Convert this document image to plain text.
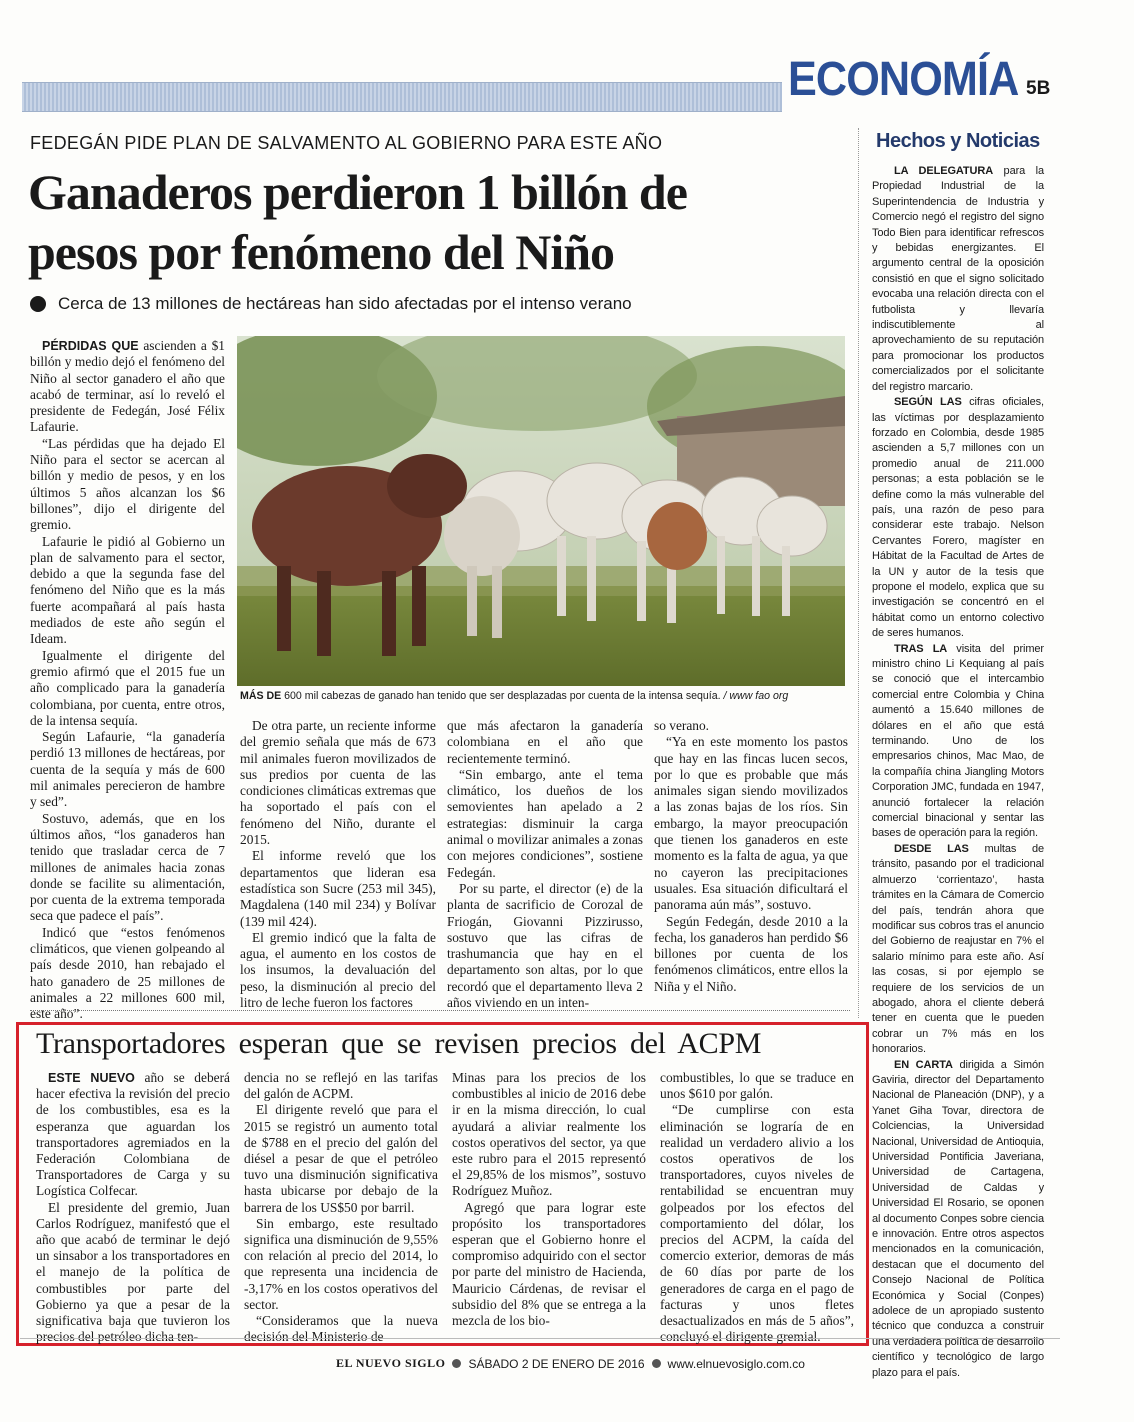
ECONOMÍA 5B
FEDEGÁN PIDE PLAN DE SALVAMENTO AL GOBIERNO PARA ESTE AÑO
Ganaderos perdieron 1 billón de
pesos por fenómeno del Niño
Cerca de 13 millones de hectáreas han sido afectadas por el intenso verano

PÉRDIDAS QUE ascienden a $1 billón y medio dejó el fenómeno del Niño al sector ganadero el año que acabó de terminar, así lo reveló el presidente de Fedegán, José Félix Lafaurie.

“Las pérdidas que ha dejado El Niño para el sector se acercan al billón y medio de pesos, y en los últimos 5 años alcanzan los $6 billones”, dijo el dirigente del gremio.

Lafaurie le pidió al Gobierno un plan de salvamento para el sector, debido a que la segunda fase del fenómeno del Niño que es la más fuerte acompañará al país hasta mediados de este año según el Ideam.

Igualmente el dirigente del gremio afirmó que el 2015 fue un año complicado para la ganadería colombiana, por cuenta, entre otros, de la intensa sequía.

Según Lafaurie, “la ganadería perdió 13 millones de hectáreas, por cuenta de la sequía y más de 600 mil animales perecieron de hambre y sed”.

Sostuvo, además, que en los últimos años, “los ganaderos han tenido que trasladar cerca de 7 millones de animales hacia zonas donde se facilite su alimentación, por cuenta de la extrema temporada seca que padece el país”.

Indicó que “estos fenómenos climáticos, que vienen golpeando al país desde 2010, han rebajado el hato ganadero de 25 millones de animales a 22 millones 600 mil, este año”.

De otra parte, un reciente informe del gremio señala que más de 673 mil animales fueron movilizados de sus predios por cuenta de las condiciones climáticas extremas que ha soportado el país con el fenómeno del Niño, durante el 2015.

El informe reveló que los departamentos que lideran esa estadística son Sucre (253 mil 345), Magdalena (140 mil 234) y Bolívar (139 mil 424).

El gremio indicó que la falta de agua, el aumento en los costos de los insumos, la devaluación del peso, la disminución al precio del litro de leche fueron los factores

que más afectaron la ganadería colombiana en el año que recientemente terminó.

“Sin embargo, ante el tema climático, los dueños de los semovientes han apelado a 2 estrategias: disminuir la carga animal o movilizar animales a zonas con mejores condiciones”, sostiene Fedegán.

Por su parte, el director (e) de la planta de sacrificio de Corozal de Friogán, Giovanni Pizzirusso, sostuvo que las cifras de trashumancia que hay en el departamento son altas, por lo que recordó que el departamento lleva 2 años viviendo en un inten-

so verano.

“Ya en este momento los pastos que hay en las fincas lucen secos, por lo que es probable que más animales sigan siendo movilizados a las zonas bajas de los ríos. Sin embargo, la mayor preocupación que tienen los ganaderos en este momento es la falta de agua, ya que no cayeron las precipitaciones usuales. Esa situación dificultará el panorama aún más”, sostuvo.

Según Fedegán, desde 2010 a la fecha, los ganaderos han perdido $6 billones por cuenta de los fenómenos climáticos, entre ellos la Niña y el Niño.

MÁS DE 600 mil cabezas de ganado han tenido que ser desplazadas por cuenta de la intensa sequía. / www fao org
Hechos y Noticias

LA DELEGATURA para la Propiedad Industrial de la Superintendencia de Industria y Comercio negó el registro del signo Todo Bien para identificar refrescos y bebidas energizantes. El argumento central de la oposición consistió en que el signo solicitado evocaba una relación directa con el futbolista y llevaría indiscutiblemente al aprovechamiento de su reputación para promocionar los productos comercializados por el solicitante del registro marcario.

SEGÚN LAS cifras oficiales, las víctimas por desplazamiento forzado en Colombia, desde 1985 ascienden a 5,7 millones con un promedio anual de 211.000 personas; a esta población se le define como la más vulnerable del país, una razón de peso para considerar este trabajo. Nelson Cervantes Forero, magíster en Hábitat de la Facultad de Artes de la UN y autor de la tesis que propone el modelo, explica que su investigación se concentró en el hábitat como un entorno colectivo de seres humanos.

TRAS LA visita del primer ministro chino Li Kequiang al país se conoció que el intercambio comercial entre Colombia y China aumentó a 15.640 millones de dólares en el año que está terminando. Uno de los empresarios chinos, Mac Mao, de la compañía china Jiangling Motors Corporation JMC, fundada en 1947, anunció fortalecer la relación comercial binacional y sentar las bases de operación para la región.

DESDE LAS multas de tránsito, pasando por el tradicional almuerzo ‘corrientazo’, hasta trámites en la Cámara de Comercio del país, tendrán ahora que modificar sus cobros tras el anuncio del Gobierno de reajustar en 7% el salario mínimo para este año. Así las cosas, si por ejemplo se requiere de los servicios de un abogado, ahora el cliente deberá tener en cuenta que le pueden cobrar un 7% más en los honorarios.

EN CARTA dirigida a Simón Gaviria, director del Departamento Nacional de Planeación (DNP), y a Yanet Giha Tovar, directora de Colciencias, la Universidad Nacional, Universidad de Antioquia, Universidad Pontificia Javeriana, Universidad de Cartagena, Universidad de Caldas y Universidad El Rosario, se oponen al documento Conpes sobre ciencia e innovación. Entre otros aspectos mencionados en la comunicación, destacan que el documento del Consejo Nacional de Política Económica y Social (Conpes) adolece de un apropiado sustento técnico que conduzca a construir una verdadera política de desarrollo científico y tecnológico de largo plazo para el país.

Transportadores esperan que se revisen precios del ACPM

ESTE NUEVO año se deberá hacer efectiva la revisión del precio de los combustibles, esa es la esperanza que aguardan los transportadores agremiados en la Federación Colombiana de Transportadores de Carga y su Logística Colfecar.

El presidente del gremio, Juan Carlos Rodríguez, manifestó que el año que acabó de terminar le dejó un sinsabor a los transportadores en el manejo de la política de combustibles por parte del Gobierno ya que a pesar de la significativa baja que tuvieron los precios del petróleo dicha ten-

dencia no se reflejó en las tarifas del galón de ACPM.

El dirigente reveló que para el 2015 se registró un aumento total de $788 en el precio del galón del diésel a pesar de que el petróleo tuvo una disminución significativa hasta ubicarse por debajo de la barrera de los US$50 por barril.

Sin embargo, este resultado significa una disminución de 9,55% con relación al precio del 2014, lo que representa una incidencia de -3,17% en los costos operativos del sector.

“Consideramos que la nueva decisión del Ministerio de

Minas para los precios de los combustibles al inicio de 2016 debe ir en la misma dirección, lo cual ayudará a aliviar realmente los costos operativos del sector, ya que este rubro para el 2015 representó el 29,85% de los mismos”, sostuvo Rodríguez Muñoz.

Agregó que para lograr este propósito los transportadores esperan que el Gobierno honre el compromiso adquirido con el sector por parte del ministro de Hacienda, Mauricio Cárdenas, de revisar el subsidio del 8% que se entrega a la mezcla de los bio-

combustibles, lo que se traduce en unos $610 por galón.

“De cumplirse con esta eliminación se lograría de en realidad un verdadero alivio a los costos operativos de los transportadores, cuyos niveles de rentabilidad se encuentran muy golpeados por los efectos del comportamiento del dólar, los precios del ACPM, la caída del comercio exterior, demoras de más de 60 días por parte de los generadores de carga en el pago de facturas y unos fletes desactualizados en más de 5 años”, concluyó el dirigente gremial.

EL NUEVO SIGLO SÁBADO 2 DE ENERO DE 2016 www.elnuevosiglo.com.co
